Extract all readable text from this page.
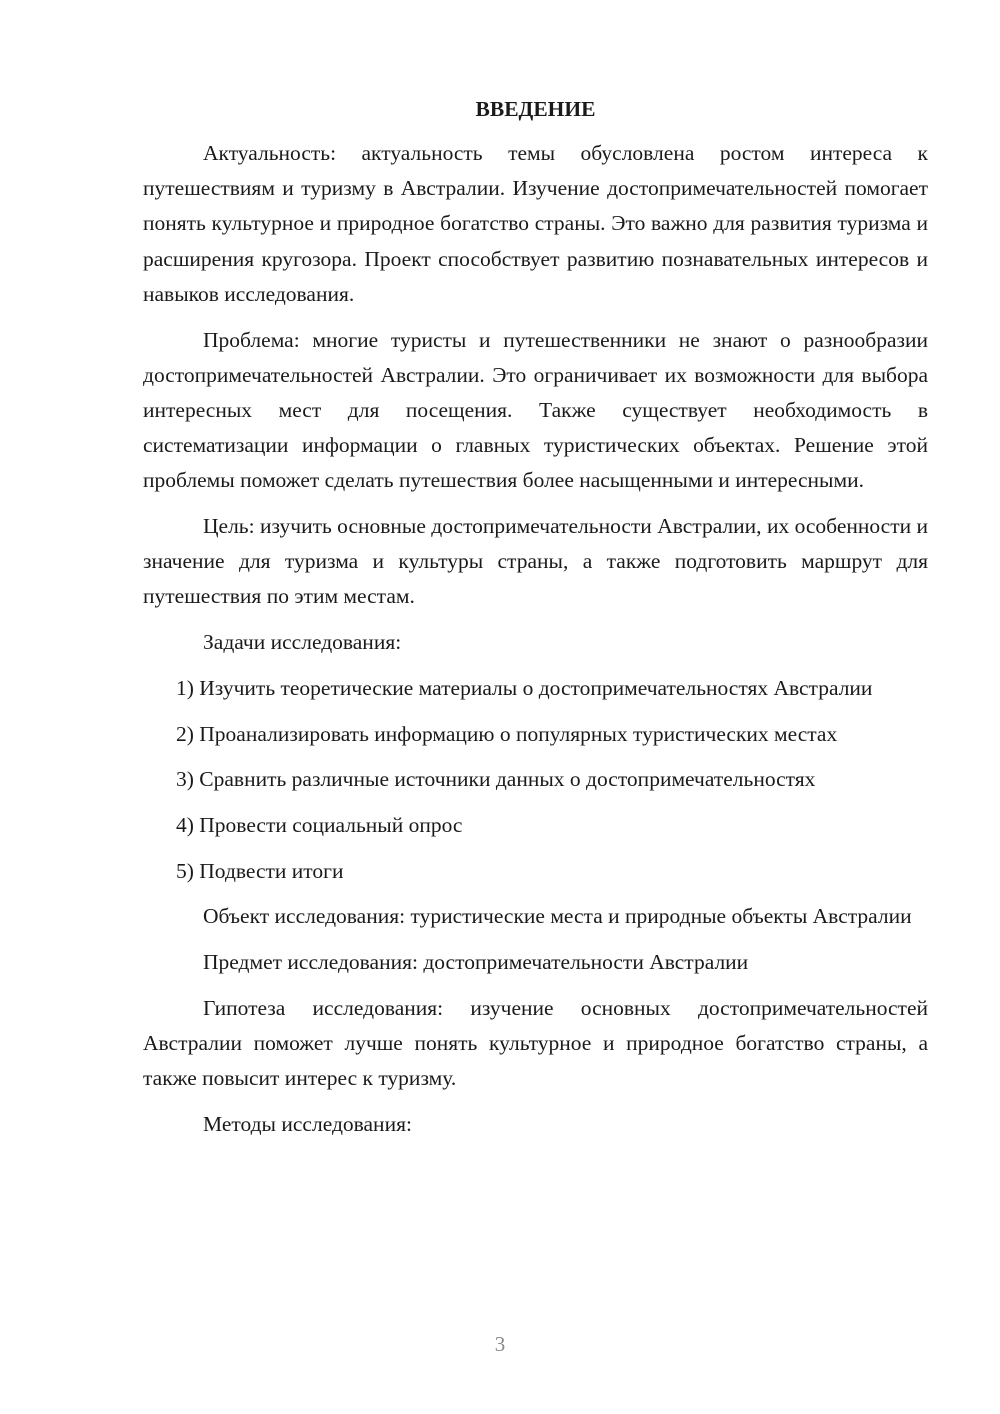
ВВЕДЕНИЕ

Актуальность: актуальность темы обусловлена ростом интереса к путешествиям и туризму в Австралии. Изучение достопримечательностей помогает понять культурное и природное богатство страны. Это важно для развития туризма и расширения кругозора. Проект способствует развитию познавательных интересов и навыков исследования.

Проблема: многие туристы и путешественники не знают о разнообразии достопримечательностей Австралии. Это ограничивает их возможности для выбора интересных мест для посещения. Также существует необходимость в систематизации информации о главных туристических объектах. Решение этой проблемы поможет сделать путешествия более насыщенными и интересными.

Цель: изучить основные достопримечательности Австралии, их особенности и значение для туризма и культуры страны, а также подготовить маршрут для путешествия по этим местам.

Задачи исследования:

1) Изучить теоретические материалы о достопримечательностях Австралии

2) Проанализировать информацию о популярных туристических местах

3) Сравнить различные источники данных о достопримечательностях

4) Провести социальный опрос

5) Подвести итоги

Объект исследования: туристические места и природные объекты Австралии

Предмет исследования: достопримечательности Австралии

Гипотеза исследования: изучение основных достопримечательностей Австралии поможет лучше понять культурное и природное богатство страны, а также повысит интерес к туризму.

Методы исследования:

3
